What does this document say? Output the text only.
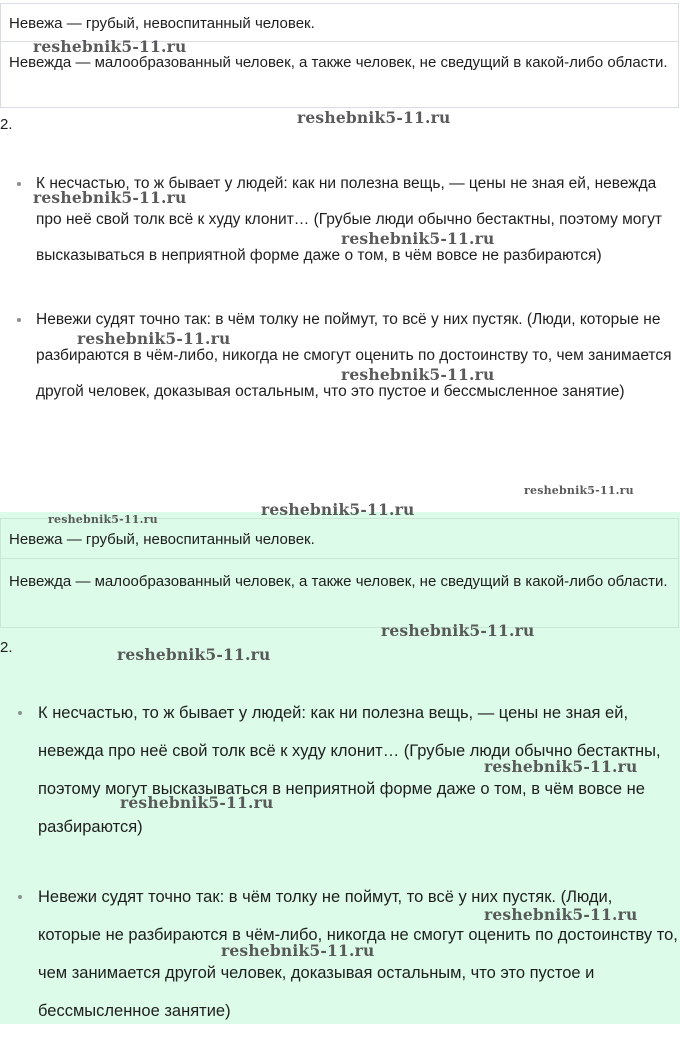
Невежа — грубый, невоспитанный человек.
Невежда — малообразованный человек, а также человек, не сведущий в какой-либо области.
2.
К несчастью, то ж бывает у людей: как ни полезна вещь, — цены не зная ей, невежда про неё свой толк всё к худу клонит… (Грубые люди обычно бестактны, поэтому могут высказываться в неприятной форме даже о том, в чём вовсе не разбираются)
Невежи судят точно так: в чём толку не поймут, то всё у них пустяк. (Люди, которые не разбираются в чём-либо, никогда не смогут оценить по достоинству то, чем занимается другой человек, доказывая остальным, что это пустое и бессмысленное занятие)
Невежа — грубый, невоспитанный человек.
Невежда — малообразованный человек, а также человек, не сведущий в какой-либо области.
2.
К несчастью, то ж бывает у людей: как ни полезна вещь, — цены не зная ей, невежда про неё свой толк всё к худу клонит… (Грубые люди обычно бестактны, поэтому могут высказываться в неприятной форме даже о том, в чём вовсе не разбираются)
Невежи судят точно так: в чём толку не поймут, то всё у них пустяк. (Люди, которые не разбираются в чём-либо, никогда не смогут оценить по достоинству то, чем занимается другой человек, доказывая остальным, что это пустое и бессмысленное занятие)
reshebnik5-11.ru
reshebnik5-11.ru
reshebnik5-11.ru
reshebnik5-11.ru
reshebnik5-11.ru
reshebnik5-11.ru
reshebnik5-11.ru
reshebnik5-11.ru
reshebnik5-11.ru
reshebnik5-11.ru
reshebnik5-11.ru
reshebnik5-11.ru
reshebnik5-11.ru
reshebnik5-11.ru
reshebnik5-11.ru
